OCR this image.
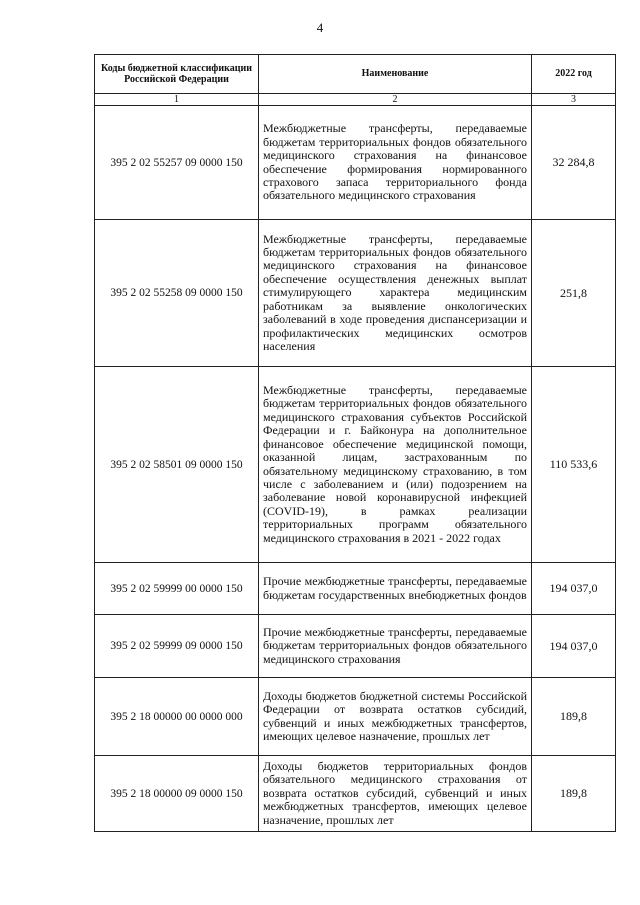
4
Коды бюджетной классификации Российской Федерации	Наименование	2022 год
1	2	3
395 2 02 55257 09 0000 150	Межбюджетные трансферты, передаваемые бюджетам территориальных фондов обязательного медицинского страхования на финансовое обеспечение формирования нормированного страхового запаса территориального фонда обязательного медицинского страхования	32 284,8
395 2 02 55258 09 0000 150	Межбюджетные трансферты, передаваемые бюджетам территориальных фондов обязательного медицинского страхования на финансовое обеспечение осуществления денежных выплат стимулирующего характера медицинским работникам за выявление онкологических заболеваний в ходе проведения диспансеризации и профилактических медицинских осмотров населения	251,8
395 2 02 58501 09 0000 150	Межбюджетные трансферты, передаваемые бюджетам территориальных фондов обязательного медицинского страхования субъектов Российской Федерации и г. Байконура на дополнительное финансовое обеспечение медицинской помощи, оказанной лицам, застрахованным по обязательному медицинскому страхованию, в том числе с заболеванием и (или) подозрением на заболевание новой коронавирусной инфекцией (COVID-19), в рамках реализации территориальных программ обязательного медицинского страхования в 2021 - 2022 годах	110 533,6
395 2 02 59999 00 0000 150	Прочие межбюджетные трансферты, передаваемые бюджетам государственных внебюджетных фондов	194 037,0
395 2 02 59999 09 0000 150	Прочие межбюджетные трансферты, передаваемые бюджетам территориальных фондов обязательного медицинского страхования	194 037,0
395 2 18 00000 00 0000 000	Доходы бюджетов бюджетной системы Российской Федерации от возврата остатков субсидий, субвенций и иных межбюджетных трансфертов, имеющих целевое назначение, прошлых лет	189,8
395 2 18 00000 09 0000 150	Доходы бюджетов территориальных фондов обязательного медицинского страхования от возврата остатков субсидий, субвенций и иных межбюджетных трансфертов, имеющих целевое назначение, прошлых лет	189,8
